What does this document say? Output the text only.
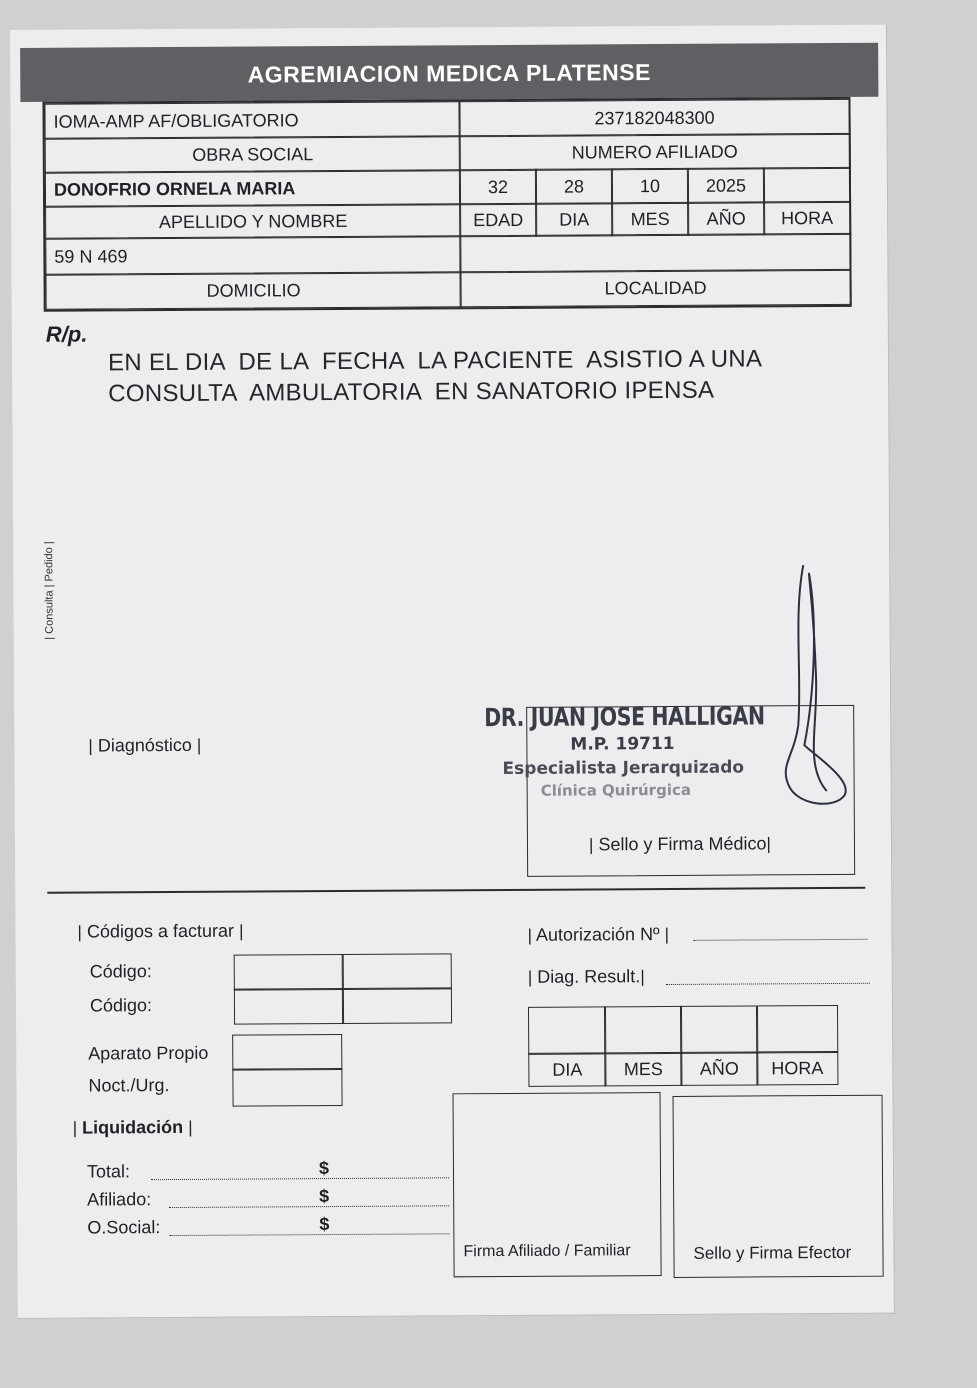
AGREMIACION MEDICA PLATENSE
IOMA-AMP AF/OBLIGATORIO	237182048300
OBRA SOCIAL	NUMERO AFILIADO
DONOFRIO ORNELA MARIA	32	28	10	2025
APELLIDO Y NOMBRE	EDAD	DIA	MES	AÑO	HORA
59 N 469
DOMICILIO	LOCALIDAD
R/p.
EN EL DIA  DE LA  FECHA  LA PACIENTE  ASISTIO A UNA
CONSULTA  AMBULATORIA  EN SANATORIO IPENSA
| Consulta | Pedido |
| Diagnóstico |
DR. JUAN JOSE HALLIGAN
M.P. 19711
Especialista Jerarquizado
Clínica Quirúrgica
| Sello y Firma Médico|
| Códigos a facturar |
Código:
Código:
Aparato Propio
Noct./Urg.
| Autorización Nº |
| Diag. Result.|
DIA	MES	AÑO	HORA
| Liquidación |
Total:	$
Afiliado:	$
O.Social:	$
Firma Afiliado / Familiar	Sello y Firma Efector
